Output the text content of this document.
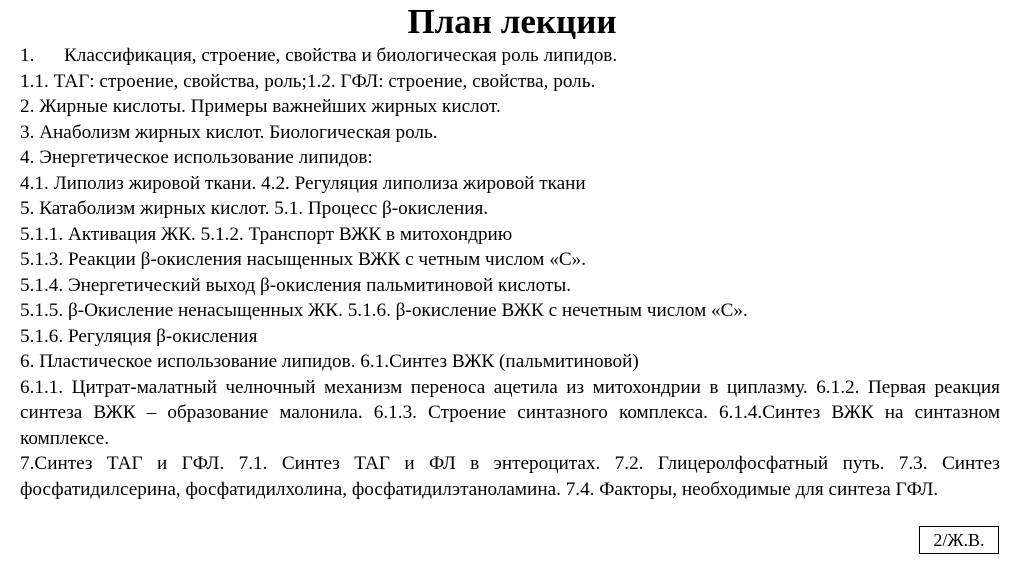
План лекции
1. Классификация, строение, свойства и биологическая роль липидов.
1.1. ТАГ: строение, свойства, роль;1.2. ГФЛ: строение, свойства, роль.
2. Жирные кислоты. Примеры важнейших жирных кислот.
3. Анаболизм жирных кислот. Биологическая роль.
4. Энергетическое использование липидов:
4.1. Липолиз жировой ткани. 4.2. Регуляция липолиза жировой ткани
5. Катаболизм жирных кислот. 5.1. Процесс β-окисления.
5.1.1. Активация ЖК. 5.1.2. Транспорт ВЖК в митохондрию
5.1.3. Реакции β-окисления насыщенных ВЖК с четным числом «С».
5.1.4. Энергетический выход β-окисления пальмитиновой кислоты.
5.1.5. β-Окисление ненасыщенных ЖК. 5.1.6. β-окисление ВЖК с нечетным числом «С».
5.1.6. Регуляция β-окисления
6. Пластическое использование липидов. 6.1.Синтез ВЖК (пальмитиновой)
6.1.1. Цитрат-малатный челночный механизм переноса ацетила из митохондрии в циплазму. 6.1.2. Первая реакция синтеза ВЖК – образование малонила. 6.1.3. Строение синтазного комплекса. 6.1.4.Синтез ВЖК на синтазном комплексе.
7.Синтез ТАГ и ГФЛ. 7.1. Синтез ТАГ и ФЛ в энтероцитах. 7.2. Глицеролфосфатный путь. 7.3. Синтез фосфатидилсерина, фосфатидилхолина, фосфатидилэтаноламина. 7.4. Факторы, необходимые для синтеза ГФЛ.
2/Ж.В.
